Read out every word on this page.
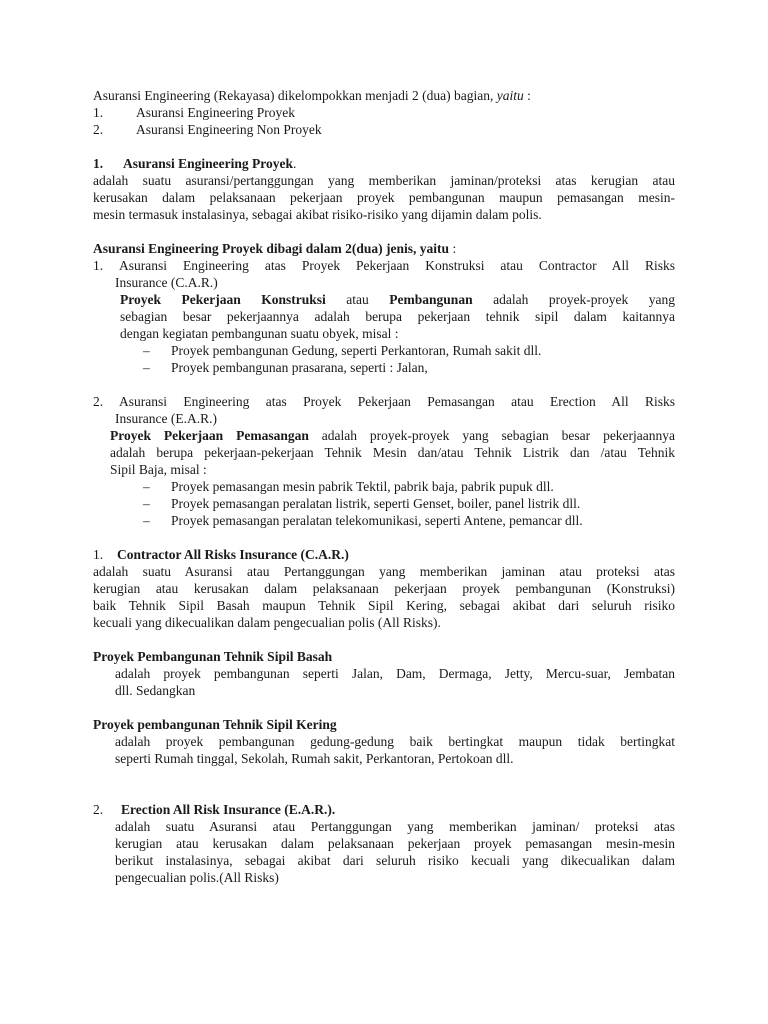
Asuransi Engineering (Rekayasa) dikelompokkan menjadi 2 (dua) bagian, yaitu :
1. Asuransi Engineering Proyek
2. Asuransi Engineering Non Proyek
1. Asuransi Engineering Proyek.
adalah suatu asuransi/pertanggungan yang memberikan jaminan/proteksi atas kerugian atau
kerusakan dalam pelaksanaan pekerjaan proyek pembangunan maupun pemasangan mesin-
mesin termasuk instalasinya, sebagai akibat risiko-risiko yang dijamin dalam polis.
Asuransi Engineering Proyek dibagi dalam 2(dua) jenis, yaitu :
1. Asuransi Engineering atas Proyek Pekerjaan Konstruksi atau Contractor All Risks
Insurance (C.A.R.)
Proyek Pekerjaan Konstruksi atau Pembangunan adalah proyek-proyek yang
sebagian besar pekerjaannya adalah berupa pekerjaan tehnik sipil dalam kaitannya
dengan kegiatan pembangunan suatu obyek, misal :
– Proyek pembangunan Gedung, seperti Perkantoran, Rumah sakit dll.
– Proyek pembangunan prasarana, seperti : Jalan,
2. Asuransi Engineering atas Proyek Pekerjaan Pemasangan atau Erection All Risks
Insurance (E.A.R.)
Proyek Pekerjaan Pemasangan adalah proyek-proyek yang sebagian besar pekerjaannya
adalah berupa pekerjaan-pekerjaan Tehnik Mesin dan/atau Tehnik Listrik dan /atau Tehnik
Sipil Baja, misal :
– Proyek pemasangan mesin pabrik Tektil, pabrik baja, pabrik pupuk dll.
– Proyek pemasangan peralatan listrik, seperti Genset, boiler, panel listrik dll.
– Proyek pemasangan peralatan telekomunikasi, seperti Antene, pemancar dll.
1. Contractor All Risks Insurance (C.A.R.)
adalah suatu Asuransi atau Pertanggungan yang memberikan jaminan atau proteksi atas
kerugian atau kerusakan dalam pelaksanaan pekerjaan proyek pembangunan (Konstruksi)
baik Tehnik Sipil Basah maupun Tehnik Sipil Kering, sebagai akibat dari seluruh risiko
kecuali yang dikecualikan dalam pengecualian polis (All Risks).
Proyek Pembangunan Tehnik Sipil Basah
adalah proyek pembangunan seperti Jalan, Dam, Dermaga, Jetty, Mercu-suar, Jembatan
dll. Sedangkan
Proyek pembangunan Tehnik Sipil Kering
adalah proyek pembangunan gedung-gedung baik bertingkat maupun tidak bertingkat
seperti Rumah tinggal, Sekolah, Rumah sakit, Perkantoran, Pertokoan dll.
2. Erection All Risk Insurance (E.A.R.).
adalah suatu Asuransi atau Pertanggungan yang memberikan jaminan/ proteksi atas
kerugian atau kerusakan dalam pelaksanaan pekerjaan proyek pemasangan mesin-mesin
berikut instalasinya, sebagai akibat dari seluruh risiko kecuali yang dikecualikan dalam
pengecualian polis.(All Risks)
